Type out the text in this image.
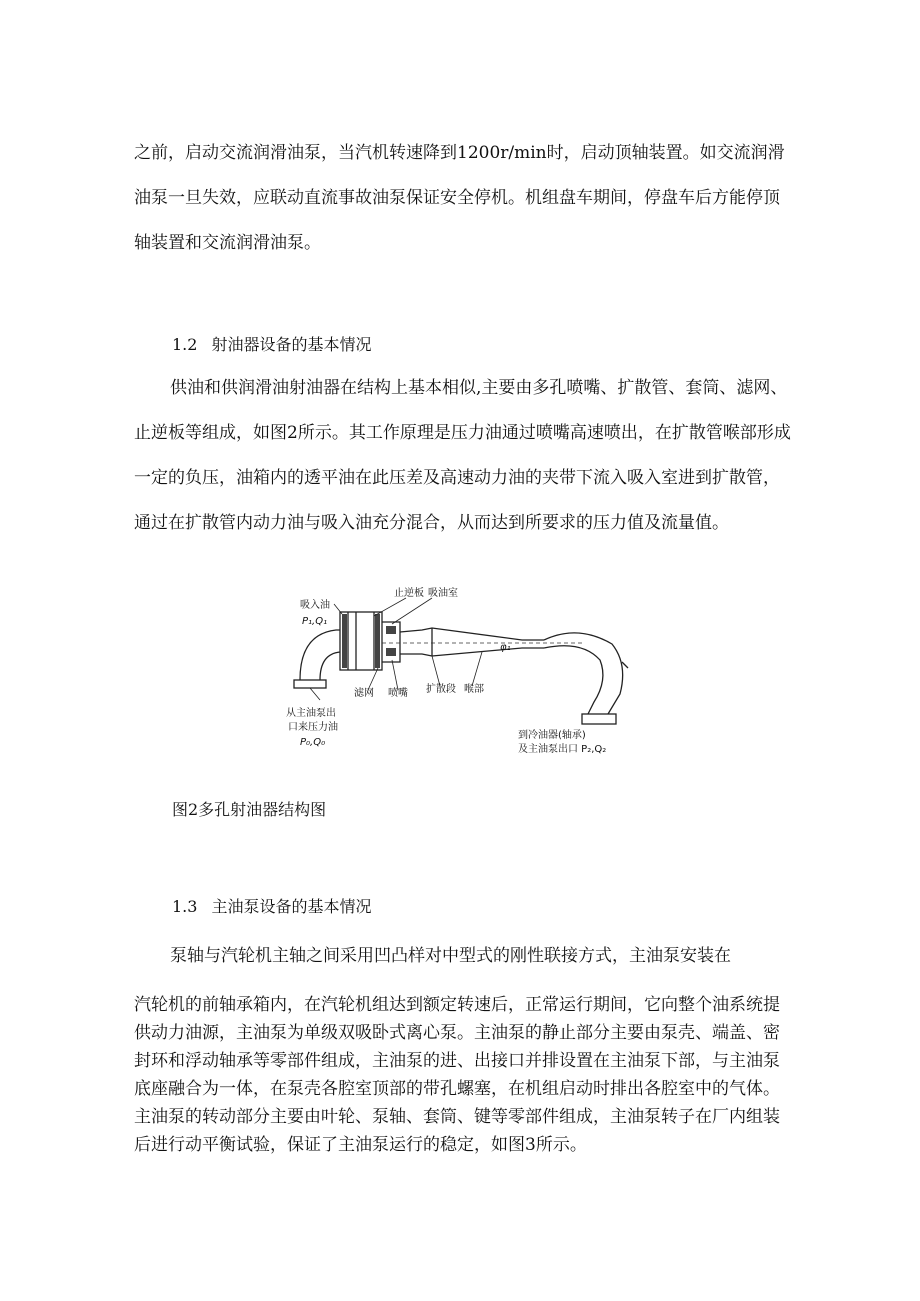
之前，启动交流润滑油泵，当汽机转速降到1200r/min时，启动顶轴装置。如交流润滑
油泵一旦失效，应联动直流事故油泵保证安全停机。机组盘车期间，停盘车后方能停顶
轴装置和交流润滑油泵。
1.2 射油器设备的基本情况
供油和供润滑油射油器在结构上基本相似,主要由多孔喷嘴、扩散管、套筒、滤网、
止逆板等组成，如图2所示。其工作原理是压力油通过喷嘴高速喷出，在扩散管喉部形成
一定的负压，油箱内的透平油在此压差及高速动力油的夹带下流入吸入室进到扩散管，
通过在扩散管内动力油与吸入油充分混合，从而达到所要求的压力值及流量值。
吸入油
P₁,Q₁
止逆板 吸油室
φ₁
滤网 喷嘴 扩散段 喉部
从主油泵出
口来压力油
P₀,Q₀
到冷油器(轴承)
及主油泵出口 P₂,Q₂
图2多孔射油器结构图
1.3 主油泵设备的基本情况
泵轴与汽轮机主轴之间采用凹凸样对中型式的刚性联接方式，主油泵安装在
汽轮机的前轴承箱内，在汽轮机组达到额定转速后，正常运行期间，它向整个油系统提
供动力油源，主油泵为单级双吸卧式离心泵。主油泵的静止部分主要由泵壳、端盖、密
封环和浮动轴承等零部件组成，主油泵的进、出接口并排设置在主油泵下部，与主油泵
底座融合为一体，在泵壳各腔室顶部的带孔螺塞，在机组启动时排出各腔室中的气体。
主油泵的转动部分主要由叶轮、泵轴、套筒、键等零部件组成，主油泵转子在厂内组装
后进行动平衡试验，保证了主油泵运行的稳定，如图3所示。
